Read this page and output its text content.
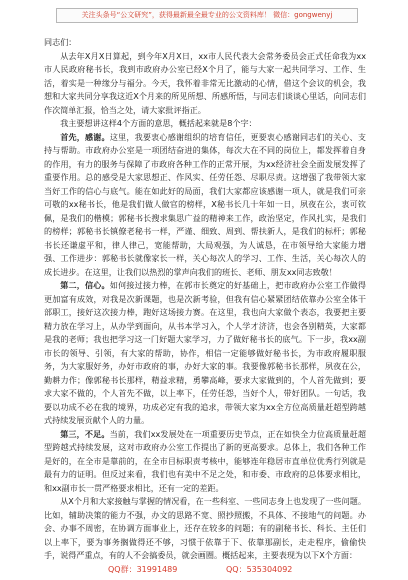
关注头条号“公文研究”，获得最新最全最专业的公文资料库！ 微信：gongwenyj

同志们：

从去年X月X日算起，到今年X月X日，xx市人民代表大会常务委员会正式任命我为xx市人民政府秘书长，我到市政府办公室已经X个月了，能与大家一起共同学习、工作、生活，着实是一种缘分与福分。今天，我怀着非常无比激动的心情，借这个会议的机会，我想和大家共同分享我这近X个月来的所见所想、所感所悟，与同志们谈谈心里话，向同志们作次简单汇报，恰当之处，请大家批评指正。

我主要想讲这样4个方面的意思，概括起来就是8个字：

首先，感谢。这里，我要衷心感谢组织的培育信任，更要衷心感谢同志们的关心、支持与帮助。市政府办公室是一项团结奋进的集体，每次大在不同的岗位上，都发挥着自身的作用，有力的服务与保障了市政府各种工作的正常开展，为xx经济社会全面发展发挥了重要作用。总的感受是大家思想正、作风实、任劳任怨、尽职尽责。这增强了我带领大家当好工作的信心与底气。能在如此好的局面，我们大家都应该感谢一项人，就是我们可亲可敬的xx秘书长，他是我们做人做官的榜样，X秘书长几十年如一日，夙夜在公，衷可钦佩，是我们的楷模；郭秘书长搜求集思广益的精神来工作，政治坚定，作风扎实，是我们的榜样；郭秘书长镇僚老秘书一样，严谨、细致、周到、帮扶新人，是我们的标杆；郭秘书长还谦虚平和，律人律己，宽能帮助，大局观强，为人诚恳，在市领导给大家能力增强、工作进步：郭秘书长就像家长一样，关心每次人的学习、工作、生活，关心每次人的成长进步。在这里，让我们以热烈的掌声向我们的班长、老师、朋友xx同志致敬！

第二，信心。如何接过接力棒，在郭市长奠定的好基础上，把市政府办公室工作做得更加富有成效，对我是次新课题，也是次新考验，但我有信心紧紧团结依靠办公室全体干部职工，接好这次接力棒，跑好这场接力赛。在这里，我也向大家做个表态，我要把主要精力放在学习上，从办学到面向，从书本学习入，个人学才济济，也会各别精英，大家都是我的老师；我也把学习这一门好题大家学习，力了做好秘书长的底气。下一步，我xx副市长的领导、引领，有大家的帮助，协作，相信一定能够做好秘书长，为市政府履职服务，为大家服好务，办好市政府的事，办好大家的事。我要像郭秘书长那样，夙夜在公，勤耕力作；像郭秘书长那样，精益求精，勇攀高峰，要求大家做到的，个人首先做到；要求大家不做的，个人首先不做，以上率下，任劳任怨，当好个人，带好团队。一句话，我要以功成不必在我的境界，功成必定有我的追求，带领大家为xx全方位高质量赶超型跨越式持续发展贡献个人的力量。

第三，不足。当前，我们xx发展处在一项重要历史节点，正在如快全力位高质量赶超型跨越式持续发展，这对市政府办公室工作提出了新的更高要求。总体上，我们各种工作是好的，在全市是靠前的，在全市目标职责考核中，能够连年稳居市直单位优秀行列就是最有力的证明。但反过来看，我们也有美中不足之处，和市委、市政府的总体要求相比，和xx副市长一贯严格要求相比，还有一定的差距。

从X个月和大家接触与掌握的情况看，在一些科室、一些同志身上也发现了一些问题。比如，辅助决策的能力不强，办文的思路不宽、照抄照搬，不具体、不接地气的问题。办会、办事不周密，在协调方面事业上，还存在较多的问题；有的副秘书长、科长、主任们以上率下，要为事务搁做得还不够，习惯于依靠于下、依靠那副长，走走程序，偷偷快手，说得严重点，有的人不会搞委员，就会画圈。概括起来，主要表现为以下X个方面：

QQ群：31991489	QQ：535304092
